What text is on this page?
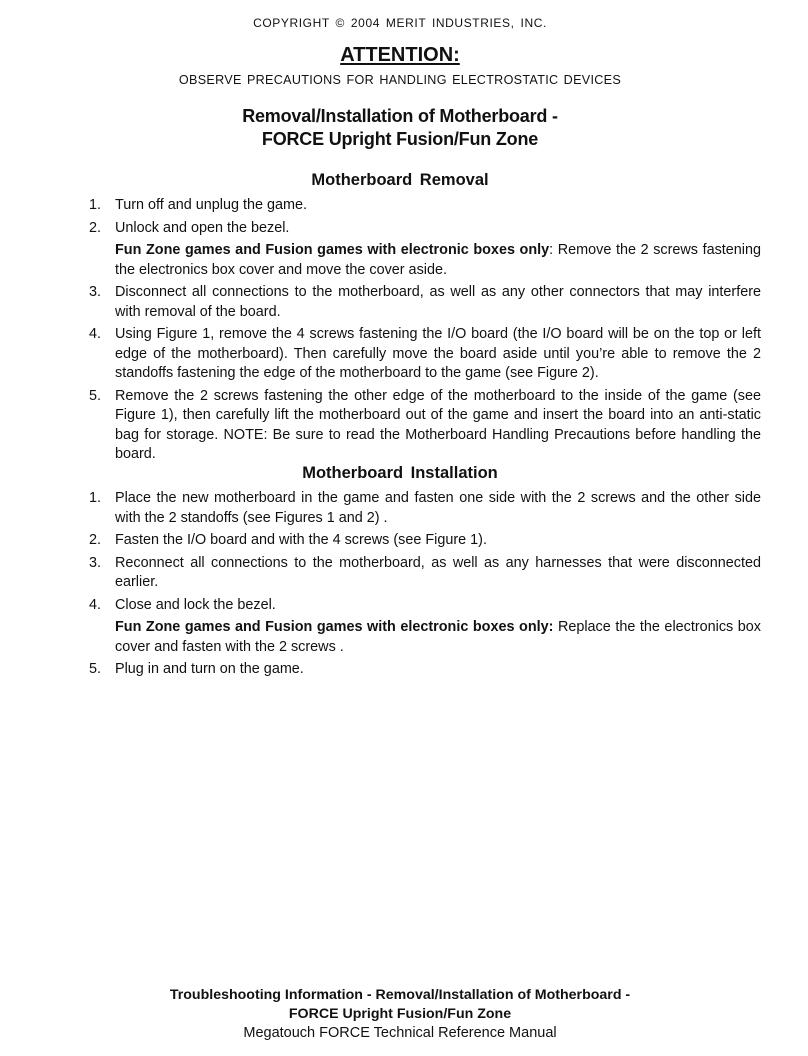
COPYRIGHT © 2004 MERIT INDUSTRIES, INC.
ATTENTION:
OBSERVE PRECAUTIONS FOR HANDLING ELECTROSTATIC DEVICES
Removal/Installation of Motherboard -
FORCE Upright Fusion/Fun Zone
Motherboard Removal
1. Turn off and unplug the game.
2. Unlock and open the bezel.
Fun Zone games and Fusion games with electronic boxes only: Remove the 2 screws fastening the electronics box cover and move the cover aside.
3. Disconnect all connections to the motherboard, as well as any other connectors that may interfere with removal of the board.
4. Using Figure 1, remove the 4 screws fastening the I/O board (the I/O board will be on the top or left edge of the motherboard). Then carefully move the board aside until you’re able to remove the 2 standoffs fastening the edge of the motherboard to the game (see Figure 2).
5. Remove the 2 screws fastening the other edge of the motherboard to the inside of the game (see Figure 1), then carefully lift the motherboard out of the game and insert the board into an anti-static bag for storage. NOTE: Be sure to read the Motherboard Handling Precautions before handling the board.
Motherboard Installation
1. Place the new motherboard in the game and fasten one side with the 2 screws and the other side with the 2 standoffs (see Figures 1 and 2) .
2. Fasten the I/O board and with the 4 screws (see Figure 1).
3. Reconnect all connections to the motherboard, as well as any harnesses that were disconnected earlier.
4. Close and lock the bezel.
Fun Zone games and Fusion games with electronic boxes only: Replace the the electronics box cover and fasten with the 2 screws .
5. Plug in and turn on the game.
Troubleshooting Information - Removal/Installation of Motherboard -
FORCE Upright Fusion/Fun Zone
Megatouch FORCE Technical Reference Manual
